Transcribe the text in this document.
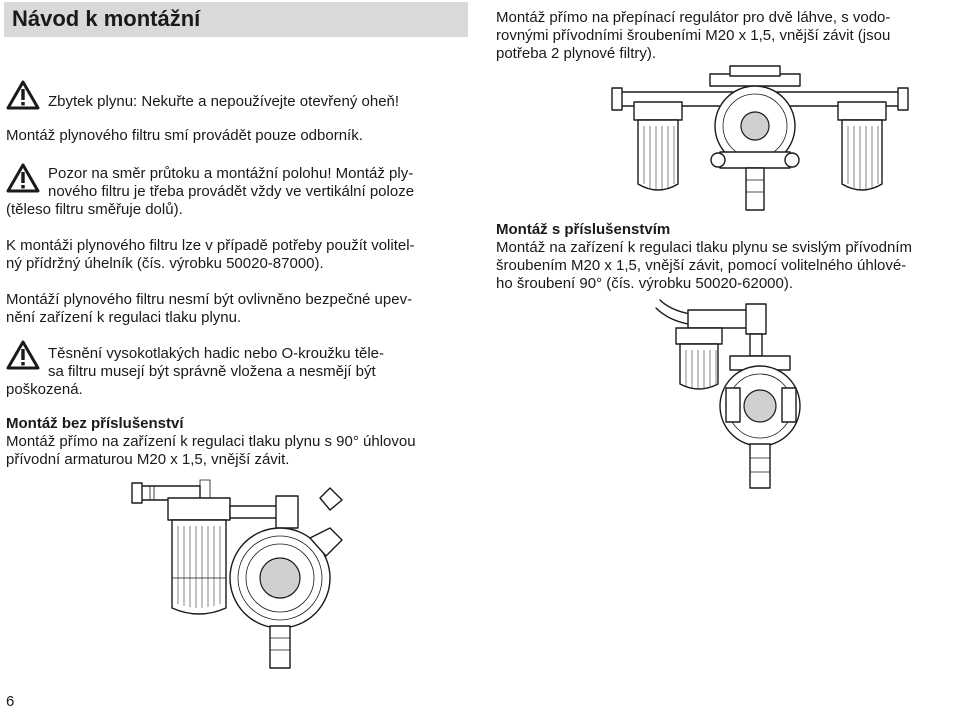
Návod k montážní
Zbytek plynu: Nekuřte a nepoužívejte otevřený oheň!
Montáž plynového filtru smí provádět pouze odborník.
Pozor na směr průtoku a montážní polohu! Montáž ply-
nového filtru je třeba provádět vždy ve vertikální poloze
(těleso filtru směřuje dolů).
K montáži plynového filtru lze v případě potřeby použít volitel-
ný přídržný úhelník (čís. výrobku 50020-87000).
Montáží plynového filtru nesmí být ovlivněno bezpečné upev-
nění zařízení k regulaci tlaku plynu.
Těsnění vysokotlakých hadic nebo O-kroužku těle-
sa filtru musejí být správně vložena a nesmějí být
poškozená.
Montáž bez příslušenství
Montáž přímo na zařízení k regulaci tlaku plynu s 90° úhlovou
přívodní armaturou M20 x 1,5, vnější závit.
Montáž přímo na přepínací regulátor pro dvě láhve, s vodo-
rovnými přívodními šroubeními M20 x 1,5, vnější závit (jsou
potřeba 2 plynové filtry).
Montáž s příslušenstvím
Montáž na zařízení k regulaci tlaku plynu se svislým přívodním
šroubením M20 x 1,5, vnější závit, pomocí volitelného úhlové-
ho šroubení 90° (čís. výrobku 50020-62000).
6
